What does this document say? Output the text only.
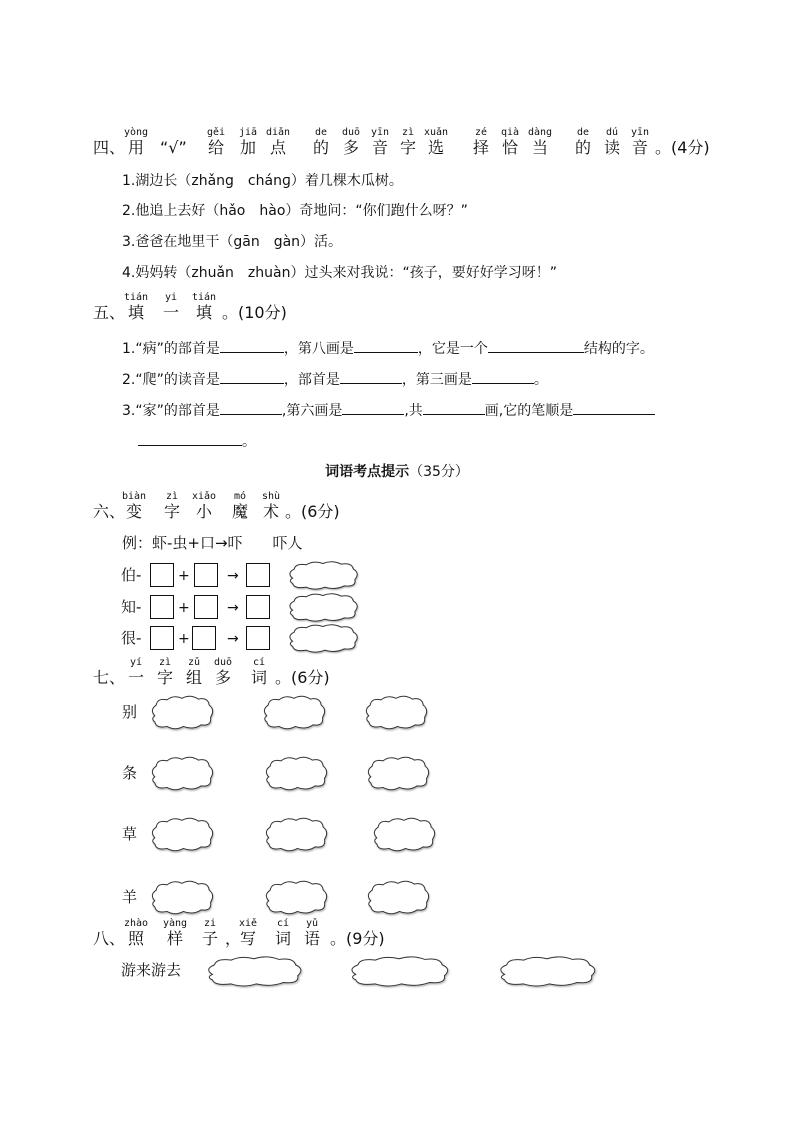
四、
yòng
用 “√”
gěi
给
jiā
加
diǎn
点
de
的
duō
多
yīn
音
zì
字
xuǎn
选
zé
择
qià
恰
dàng
当
de
的
dú
读
yīn
音 。(4分)
1.湖边长（zhǎng　chánɡ）着几棵木瓜树。
2.他追上去好（hǎo　hào）奇地问：“你们跑什么呀？”
3.爸爸在地里干（gān　gàn）活。
4.妈妈转（zhuǎn　zhuàn）过头来对我说：“孩子，要好好学习呀！”
五、
tián
填
yi
一
tián
填 。(10分)
1.“病”的部首是	，第八画是	，它是一个	结构的字。
2.“爬”的读音是	，部首是	，第三画是	。
3.“家”的部首是	,第六画是	,共	画,它的笔顺是
。
词语考点提示（35分）
六、
biàn
变
zì
字
xiǎo
小
mó
魔
shù
术 。(6分)
例：虾-虫+口→吓　　吓人
伯-	+	→
知-	+	→
很-	+	→
七、
yí
一
zì
字
zǔ
组
duō
多
cí
词 。(6分)
别
条
草
羊
八、
zhào
照
yàng
样
zi
子 ，
xiě
写
cí
词
yǔ
语 。(9分)
游来游去
